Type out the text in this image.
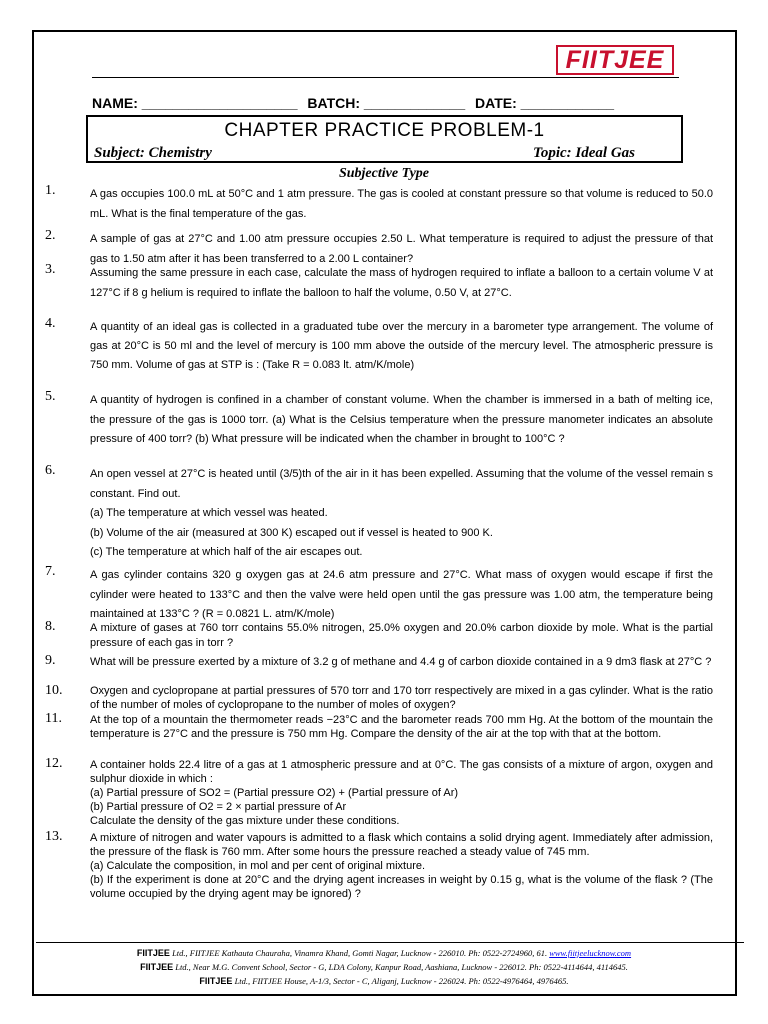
FIITJEE
NAME: ____________________ BATCH: _____________ DATE: ____________
CHAPTER PRACTICE PROBLEM-1
Subject: Chemistry	Topic: Ideal Gas
Subjective Type
1.	A gas occupies 100.0 mL at 50°C and 1 atm pressure. The gas is cooled at constant pressure so that volume is reduced to 50.0 mL. What is the final temperature of the gas.

2.	A sample of gas at 27°C and 1.00 atm pressure occupies 2.50 L. What temperature is required to adjust the pressure of that gas to 1.50 atm after it has been transferred to a 2.00 L container?

3.	Assuming the same pressure in each case, calculate the mass of hydrogen required to inflate a balloon to a certain volume V at 127°C if 8 g helium is required to inflate the balloon to half the volume, 0.50 V, at 27°C.

4.	A quantity of an ideal gas is collected in a graduated tube over the mercury in a barometer type arrangement. The volume of gas at 20°C is 50 ml and the level of mercury is 100 mm above the outside of the mercury level. The atmospheric pressure is 750 mm. Volume of gas at STP is : (Take R = 0.083 lt. atm/K/mole)

5.	A quantity of hydrogen is confined in a chamber of constant volume. When the chamber is immersed in a bath of melting ice, the pressure of the gas is 1000 torr. (a) What is the Celsius temperature when the pressure manometer indicates an absolute pressure of 400 torr? (b) What pressure will be indicated when the chamber in brought to 100°C ?

6.	An open vessel at 27°C is heated until (3/5)th of the air in it has been expelled. Assuming that the volume of the vessel remain s constant. Find out.

(a) The temperature at which vessel was heated.

(b) Volume of the air (measured at 300 K) escaped out if vessel is heated to 900 K.

(c) The temperature at which half of the air escapes out.

7.	A gas cylinder contains 320 g oxygen gas at 24.6 atm pressure and 27°C. What mass of oxygen would escape if first the cylinder were heated to 133°C and then the valve were held open until the gas pressure was 1.00 atm, the temperature being maintained at 133°C ? (R = 0.0821 L. atm/K/mole)

8.	A mixture of gases at 760 torr contains 55.0% nitrogen, 25.0% oxygen and 20.0% carbon dioxide by mole. What is the partial pressure of each gas in torr ?

9.	What will be pressure exerted by a mixture of 3.2 g of methane and 4.4 g of carbon dioxide contained in a 9 dm3 flask at 27°C ?

10.	Oxygen and cyclopropane at partial pressures of 570 torr and 170 torr respectively are mixed in a gas cylinder. What is the ratio of the number of moles of cyclopropane to the number of moles of oxygen?

11.	At the top of a mountain the thermometer reads −23°C and the barometer reads 700 mm Hg. At the bottom of the mountain the temperature is 27°C and the pressure is 750 mm Hg. Compare the density of the air at the top with that at the bottom.

12.	A container holds 22.4 litre of a gas at 1 atmospheric pressure and at 0°C. The gas consists of a mixture of argon, oxygen and sulphur dioxide in which :

(a) Partial pressure of SO2 = (Partial pressure O2) + (Partial pressure of Ar)

(b) Partial pressure of O2 = 2 × partial pressure of Ar

Calculate the density of the gas mixture under these conditions.

13.	A mixture of nitrogen and water vapours is admitted to a flask which contains a solid drying agent. Immediately after admission, the pressure of the flask is 760 mm. After some hours the pressure reached a steady value of 745 mm.

(a) Calculate the composition, in mol and per cent of original mixture.

(b) If the experiment is done at 20°C and the drying agent increases in weight by 0.15 g, what is the volume of the flask ? (The volume occupied by the drying agent may be ignored) ?

FIITJEE Ltd., FIITJEE Kathauta Chauraha, Vinamra Khand, Gomti Nagar, Lucknow - 226010. Ph: 0522-2724960, 61. www.fiitjeelucknow.com
FIITJEE Ltd., Near M.G. Convent School, Sector - G, LDA Colony, Kanpur Road, Aashiana, Lucknow - 226012. Ph: 0522-4114644, 4114645.
FIITJEE Ltd., FIITJEE House, A-1/3, Sector - C, Aliganj, Lucknow - 226024. Ph: 0522-4976464, 4976465.
